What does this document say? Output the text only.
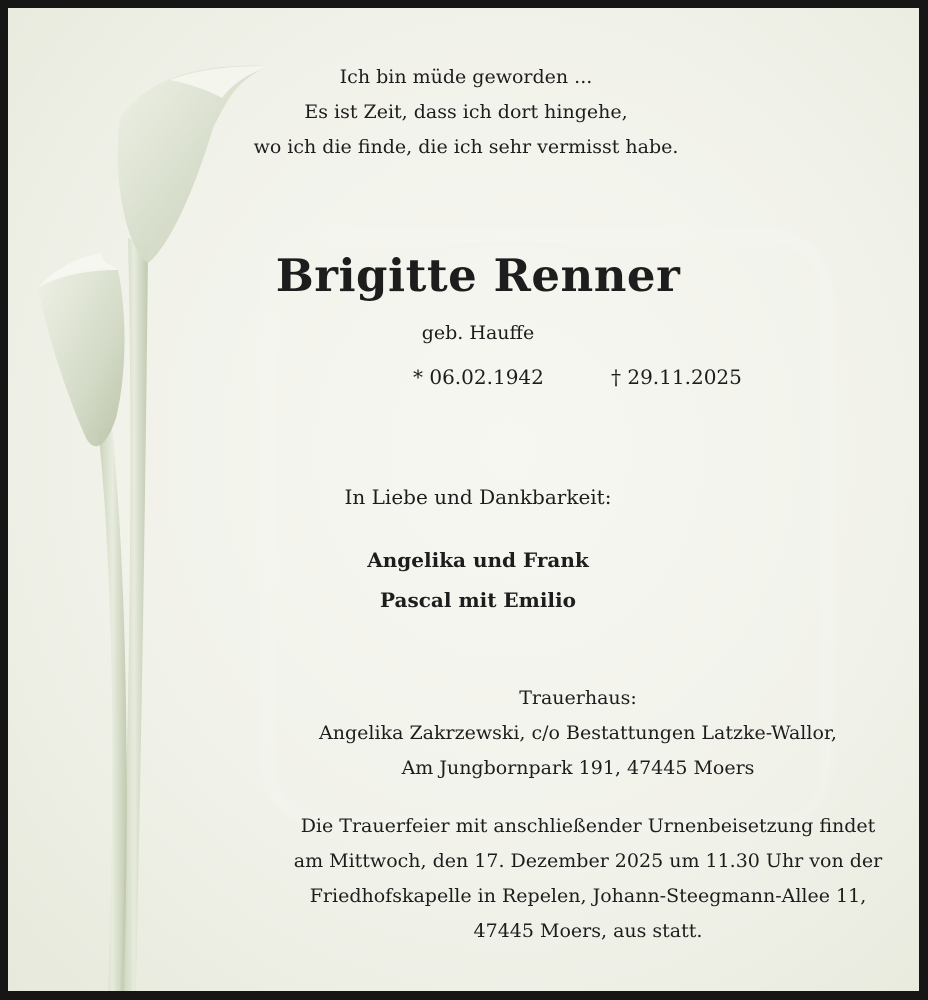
Ich bin müde geworden ...
Es ist Zeit, dass ich dort hingehe,
wo ich die finde, die ich sehr vermisst habe.
Brigitte Renner
geb. Hauffe
* 06.02.1942	† 29.11.2025
In Liebe und Dankbarkeit:
Angelika und Frank
Pascal mit Emilio
Trauerhaus:
Angelika Zakrzewski, c/o Bestattungen Latzke-Wallor,
Am Jungbornpark 191, 47445 Moers
Die Trauerfeier mit anschließender Urnenbeisetzung findet
am Mittwoch, den 17. Dezember 2025 um 11.30 Uhr von der
Friedhofskapelle in Repelen, Johann-Steegmann-Allee 11,
47445 Moers, aus statt.
